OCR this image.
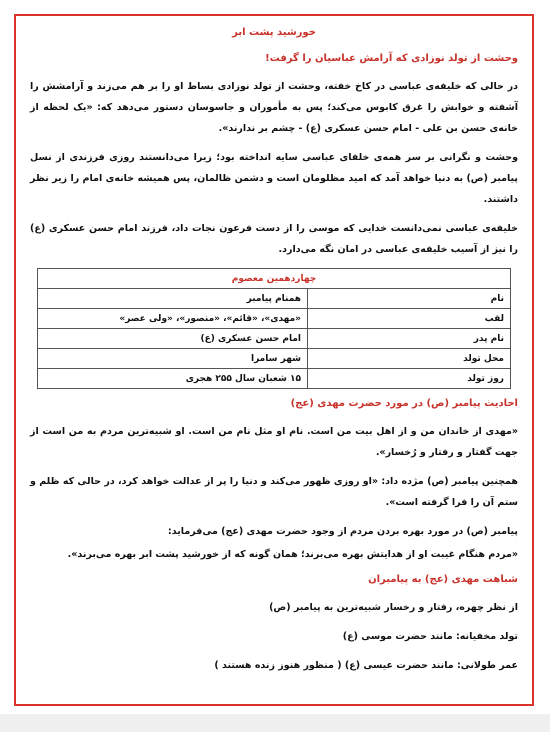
خورشید پشت ابر
وحشت از تولد نوزادی که آرامش عباسیان را گرفت!

در حالی که خلیفه‌ی عباسی در کاخ خفته، وحشت از تولد نوزادی بساط او را بر هم می‌زند و آرامشش را آشفته و خوابش را غرق کابوس می‌کند؛ پس به مأموران و جاسوسان دستور می‌دهد که: «یک لحظه از خانه‌ی حسن بن علی - امام حسن عسکری (ع) - چشم بر ندارند».

وحشت و نگرانی بر سر همه‌ی خلفای عباسی سایه انداخته بود؛ زیرا می‌دانستند روزی فرزندی از نسل پیامبر (ص) به دنیا خواهد آمد که امید مظلومان است و دشمن ظالمان، پس همیشه خانه‌ی امام را زیر نظر داشتند.

خلیفه‌ی عباسی نمی‌دانست خدایی که موسی را از دست فرعون نجات داد، فرزند امام حسن عسکری (ع) را نیز از آسیب خلیفه‌ی عباسی در امان نگه می‌دارد.

چهاردهمین معصوم	
نام	همنام پیامبر
لقب	«مهدی»، «قائم»، «منصور»، «ولی عصر»
نام پدر	امام حسن عسکری (ع)
محل تولد	شهر سامرا
روز تولد	۱۵ شعبان سال ۲۵۵ هجری
احادیث پیامبر (ص) در مورد حضرت مهدی (عج)

«مهدی از خاندان من و از اهل بیت من است. نام او مثل نام من است. او شبیه‌ترین مردم به من است از جهت گفتار و رفتار و رُخسار».

همچنین پیامبر (ص) مژده داد: «او روزی ظهور می‌کند و دنیا را پر از عدالت خواهد کرد، در حالی که ظلم و ستم آن را فرا گرفته است».

پیامبر (ص) در مورد بهره بردن مردم از وجود حضرت مهدی (عج) می‌فرماید:

«مردم هنگام غیبت او از هدایتش بهره می‌برند؛ همان گونه که از خورشید پشت ابر بهره می‌برند».

شباهت مهدی (عج) به پیامبران

از نظر چهره، رفتار و رخسار شبیه‌ترین به پیامبر (ص)

تولد مخفیانه: مانند حضرت موسی (ع)

عمر طولانی: مانند حضرت عیسی (ع) ( منظور هنوز زنده هستند )
